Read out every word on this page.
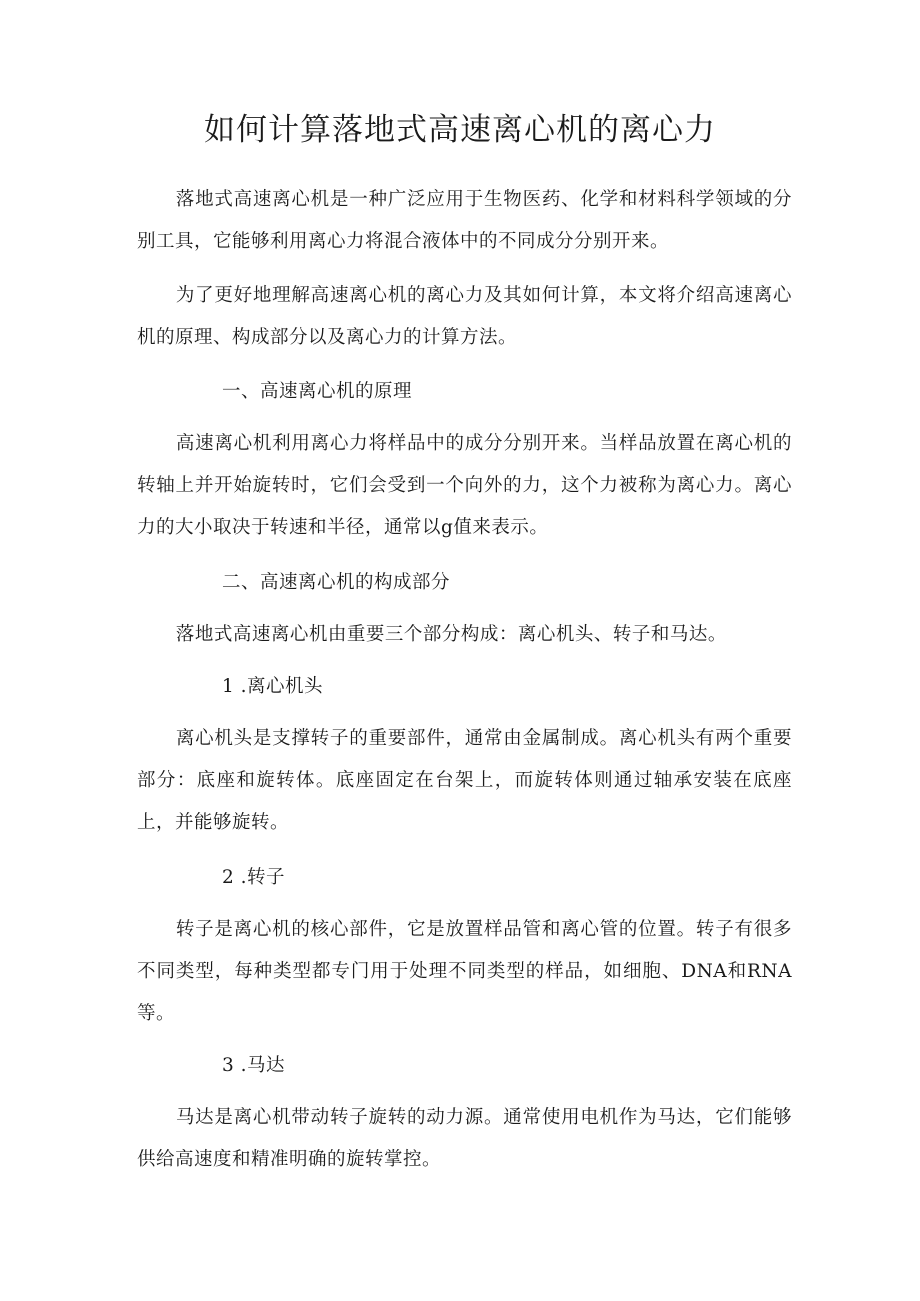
如何计算落地式高速离心机的离心力

落地式高速离心机是一种广泛应用于生物医药、化学和材料科学领域的分别工具，它能够利用离心力将混合液体中的不同成分分别开来。

为了更好地理解高速离心机的离心力及其如何计算，本文将介绍高速离心机的原理、构成部分以及离心力的计算方法。

一、高速离心机的原理

高速离心机利用离心力将样品中的成分分别开来。当样品放置在离心机的转轴上并开始旋转时，它们会受到一个向外的力，这个力被称为离心力。离心力的大小取决于转速和半径，通常以g值来表示。

二、高速离心机的构成部分

落地式高速离心机由重要三个部分构成：离心机头、转子和马达。

1 .离心机头

离心机头是支撑转子的重要部件，通常由金属制成。离心机头有两个重要部分：底座和旋转体。底座固定在台架上，而旋转体则通过轴承安装在底座上，并能够旋转。

2 .转子

转子是离心机的核心部件，它是放置样品管和离心管的位置。转子有很多不同类型，每种类型都专门用于处理不同类型的样品，如细胞、DNA和RNA等。

3 .马达

马达是离心机带动转子旋转的动力源。通常使用电机作为马达，它们能够供给高速度和精准明确的旋转掌控。
